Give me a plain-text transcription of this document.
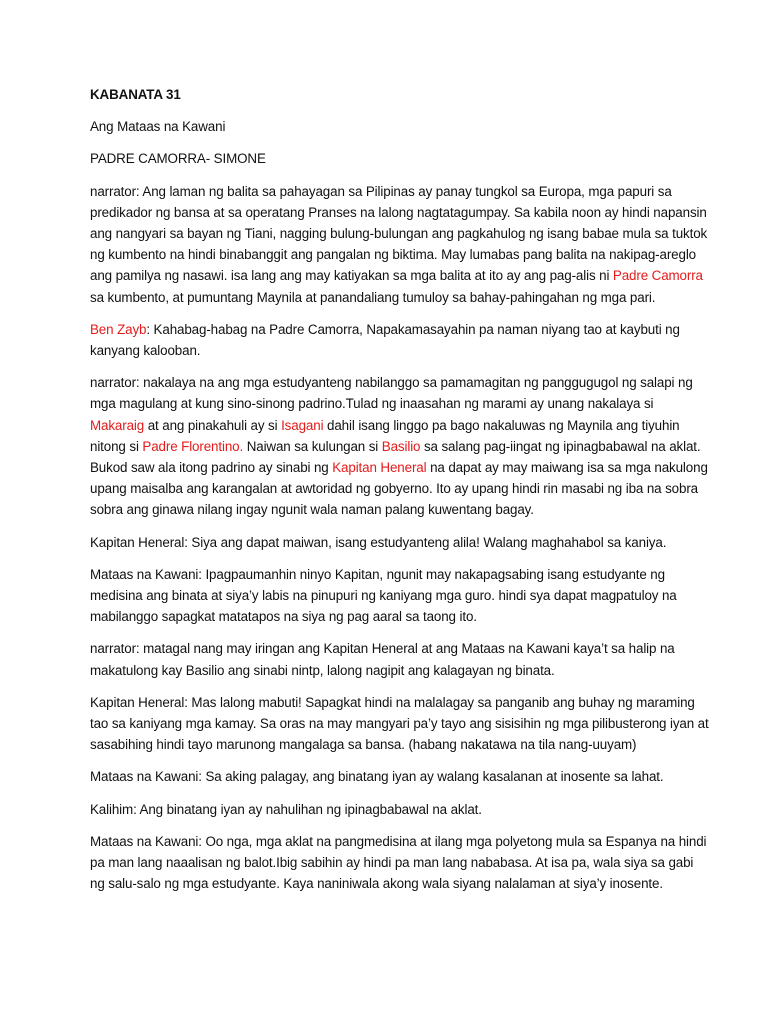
KABANATA 31

Ang Mataas na Kawani

PADRE CAMORRA- SIMONE

narrator: Ang laman ng balita sa pahayagan sa Pilipinas ay panay tungkol sa Europa, mga papuri sa predikador ng bansa at sa operatang Pranses na lalong nagtatagumpay. Sa kabila noon ay hindi napansin ang nangyari sa bayan ng Tiani, nagging bulung-bulungan ang pagkahulog ng isang babae mula sa tuktok ng kumbento na hindi binabanggit ang pangalan ng biktima. May lumabas pang balita na nakipag-areglo ang pamilya ng nasawi. isa lang ang may katiyakan sa mga balita at ito ay ang pag-alis ni Padre Camorra sa kumbento, at pumuntang Maynila at panandaliang tumuloy sa bahay-pahingahan ng mga pari.

Ben Zayb: Kahabag-habag na Padre Camorra, Napakamasayahin pa naman niyang tao at kaybuti ng kanyang kalooban.

narrator: nakalaya na ang mga estudyanteng nabilanggo sa pamamagitan ng panggugugol ng salapi ng mga magulang at kung sino-sinong padrino.Tulad ng inaasahan ng marami ay unang nakalaya si Makaraig at ang pinakahuli ay si Isagani dahil isang linggo pa bago nakaluwas ng Maynila ang tiyuhin nitong si Padre Florentino. Naiwan sa kulungan si Basilio sa salang pag-iingat ng ipinagbabawal na aklat. Bukod saw ala itong padrino ay sinabi ng Kapitan Heneral na dapat ay may maiwang isa sa mga nakulong upang maisalba ang karangalan at awtoridad ng gobyerno. Ito ay upang hindi rin masabi ng iba na sobra sobra ang ginawa nilang ingay ngunit wala naman palang kuwentang bagay.

Kapitan Heneral: Siya ang dapat maiwan, isang estudyanteng alila! Walang maghahabol sa kaniya.

Mataas na Kawani: Ipagpaumanhin ninyo Kapitan, ngunit may nakapagsabing isang estudyante ng medisina ang binata at siya’y labis na pinupuri ng kaniyang mga guro. hindi sya dapat magpatuloy na mabilanggo sapagkat matatapos na siya ng pag aaral sa taong ito.

narrator: matagal nang may iringan ang Kapitan Heneral at ang Mataas na Kawani kaya’t sa halip na makatulong kay Basilio ang sinabi nintp, lalong nagipit ang kalagayan ng binata.

Kapitan Heneral: Mas lalong mabuti! Sapagkat hindi na malalagay sa panganib ang buhay ng maraming tao sa kaniyang mga kamay. Sa oras na may mangyari pa’y tayo ang sisisihin ng mga pilibusterong iyan at sasabihing hindi tayo marunong mangalaga sa bansa. (habang nakatawa na tila nang-uuyam)

Mataas na Kawani: Sa aking palagay, ang binatang iyan ay walang kasalanan at inosente sa lahat.

Kalihim: Ang binatang iyan ay nahulihan ng ipinagbabawal na aklat.

Mataas na Kawani: Oo nga, mga aklat na pangmedisina at ilang mga polyetong mula sa Espanya na hindi pa man lang naaalisan ng balot.Ibig sabihin ay hindi pa man lang nababasa. At isa pa, wala siya sa gabi ng salu-salo ng mga estudyante. Kaya naniniwala akong wala siyang nalalaman at siya’y inosente.
